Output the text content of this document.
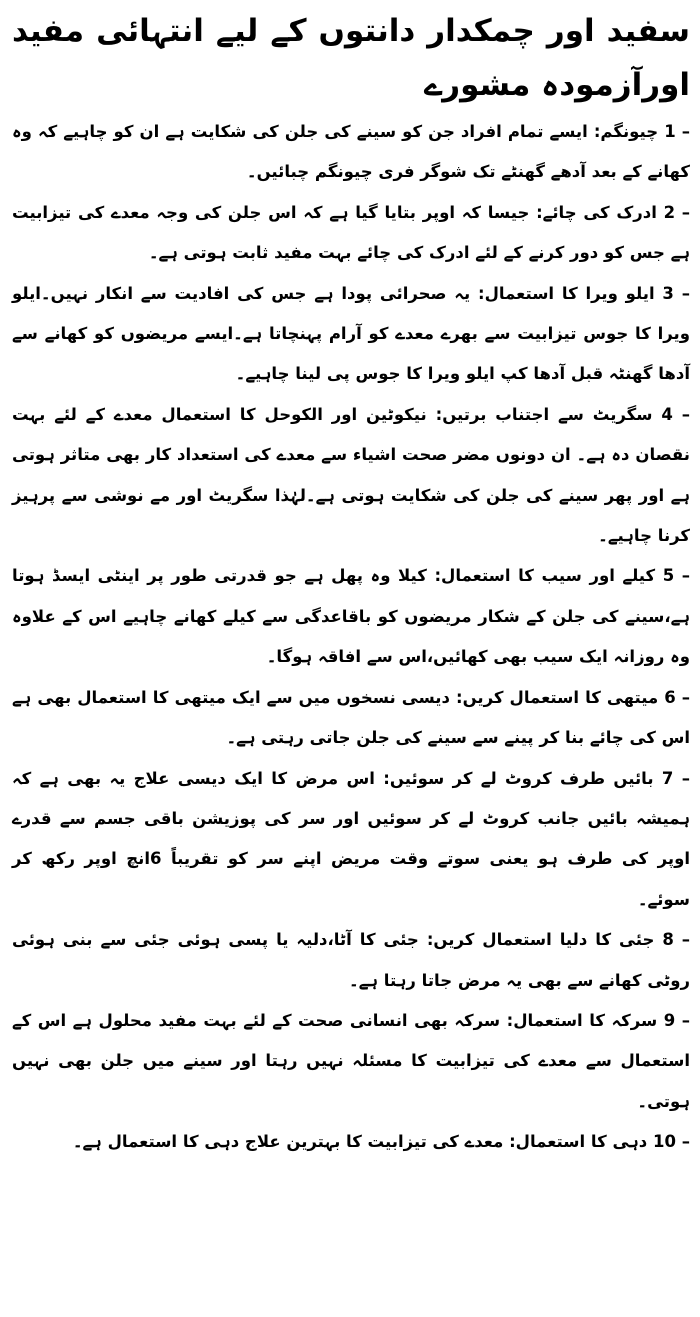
سفید اور چمکدار دانتوں کے لیے انتہائی مفید اورآزمودہ مشورے

– 1 چیونگم: ایسے تمام افراد جن کو سینے کی جلن کی شکایت ہے ان کو چاہیے کہ وہ کھانے کے بعد آدھے گھنٹے تک شوگر فری چیونگم چبائیں۔

– 2 ادرک کی چائے: جیسا کہ اوپر بتایا گیا ہے کہ اس جلن کی وجہ معدے کی تیزابیت ہے جس کو دور کرنے کے لئے ادرک کی چائے بہت مفید ثابت ہوتی ہے۔

– 3 ایلو ویرا کا استعمال: یہ صحرائی پودا ہے جس کی افادیت سے انکار نہیں۔ایلو ویرا کا جوس تیزابیت سے بھرے معدے کو آرام پہنچاتا ہے۔ایسے مریضوں کو کھانے سے آدھا گھنٹہ قبل آدھا کپ ایلو ویرا کا جوس پی لینا چاہیے۔

– 4 سگریٹ سے اجتناب برتیں: نیکوٹین اور الکوحل کا استعمال معدے کے لئے بہت نقصان دہ ہے۔ ان دونوں مضر صحت اشیاء سے معدے کی استعداد کار بھی متاثر ہوتی ہے اور پھر سینے کی جلن کی شکایت ہوتی ہے۔لہٰذا سگریٹ اور مے نوشی سے پرہیز کرنا چاہیے۔

– 5 کیلے اور سیب کا استعمال: کیلا وہ پھل ہے جو قدرتی طور پر اینٹی ایسڈ ہوتا ہے،سینے کی جلن کے شکار مریضوں کو باقاعدگی سے کیلے کھانے چاہیے اس کے علاوہ وہ روزانہ ایک سیب بھی کھائیں،اس سے افاقہ ہوگا۔

– 6 میتھی کا استعمال کریں: دیسی نسخوں میں سے ایک میتھی کا استعمال بھی ہے اس کی چائے بنا کر پینے سے سینے کی جلن جاتی رہتی ہے۔

– 7 بائیں طرف کروٹ لے کر سوئیں: اس مرض کا ایک دیسی علاج یہ بھی ہے کہ ہمیشہ بائیں جانب کروٹ لے کر سوئیں اور سر کی پوزیشن باقی جسم سے قدرے اوپر کی طرف ہو یعنی سوتے وقت مریض اپنے سر کو تقریباً 6انچ اوپر رکھ کر سوئے۔

– 8 جئی کا دلیا استعمال کریں: جئی کا آٹا،دلیہ یا پسی ہوئی جئی سے بنی ہوئی روٹی کھانے سے بھی یہ مرض جاتا رہتا ہے۔

– 9 سرکہ کا استعمال: سرکہ بھی انسانی صحت کے لئے بہت مفید محلول ہے اس کے استعمال سے معدے کی تیزابیت کا مسئلہ نہیں رہتا اور سینے میں جلن بھی نہیں ہوتی۔

– 10 دہی کا استعمال: معدے کی تیزابیت کا بہترین علاج دہی کا استعمال ہے۔
